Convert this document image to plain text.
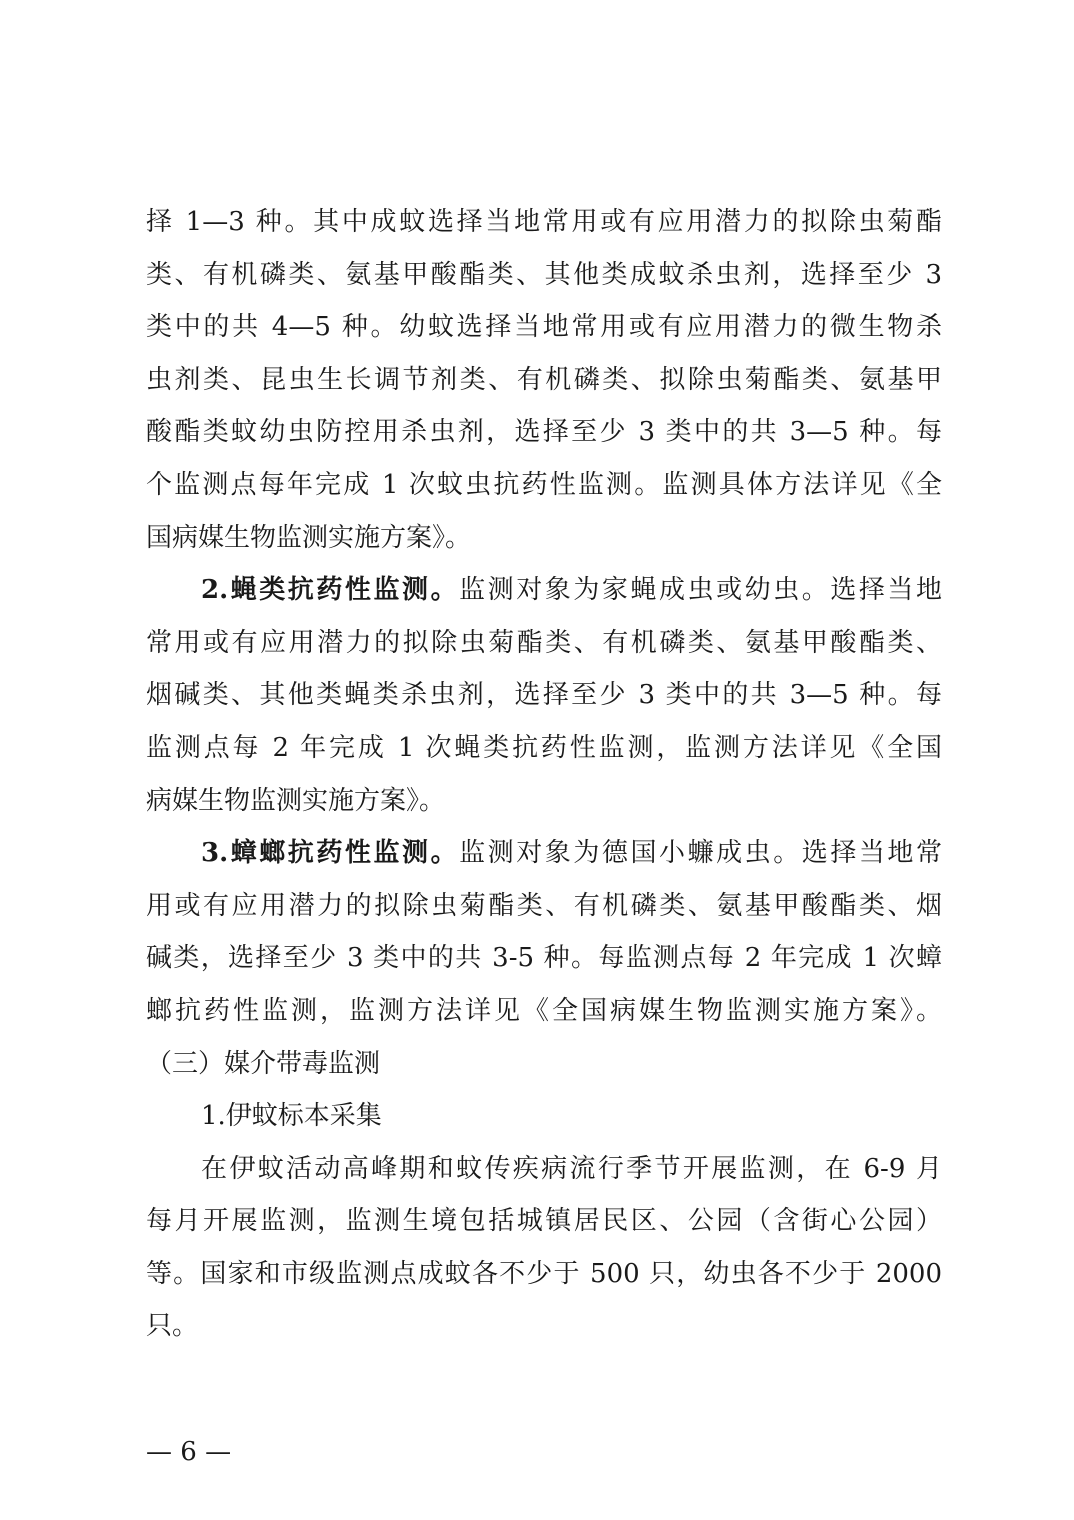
择 1—3 种。其中成蚊选择当地常用或有应用潜力的拟除虫菊酯
类、有机磷类、氨基甲酸酯类、其他类成蚊杀虫剂，选择至少 3
类中的共 4—5 种。幼蚊选择当地常用或有应用潜力的微生物杀
虫剂类、昆虫生长调节剂类、有机磷类、拟除虫菊酯类、氨基甲
酸酯类蚊幼虫防控用杀虫剂，选择至少 3 类中的共 3—5 种。每
个监测点每年完成 1 次蚊虫抗药性监测。监测具体方法详见《全
国病媒生物监测实施方案》。
2.蝇类抗药性监测。监测对象为家蝇成虫或幼虫。选择当地
常用或有应用潜力的拟除虫菊酯类、有机磷类、氨基甲酸酯类、
烟碱类、其他类蝇类杀虫剂，选择至少 3 类中的共 3—5 种。每
监测点每 2 年完成 1 次蝇类抗药性监测，监测方法详见《全国
病媒生物监测实施方案》。
3.蟑螂抗药性监测。监测对象为德国小蠊成虫。选择当地常
用或有应用潜力的拟除虫菊酯类、有机磷类、氨基甲酸酯类、烟
碱类，选择至少 3 类中的共 3-5 种。每监测点每 2 年完成 1 次蟑
螂抗药性监测，监测方法详见《全国病媒生物监测实施方案》。
（三）媒介带毒监测
1.伊蚊标本采集
在伊蚊活动高峰期和蚊传疾病流行季节开展监测，在 6-9 月
每月开展监测，监测生境包括城镇居民区、公园（含街心公园）
等。国家和市级监测点成蚊各不少于 500 只，幼虫各不少于 2000
只。
— 6 —
